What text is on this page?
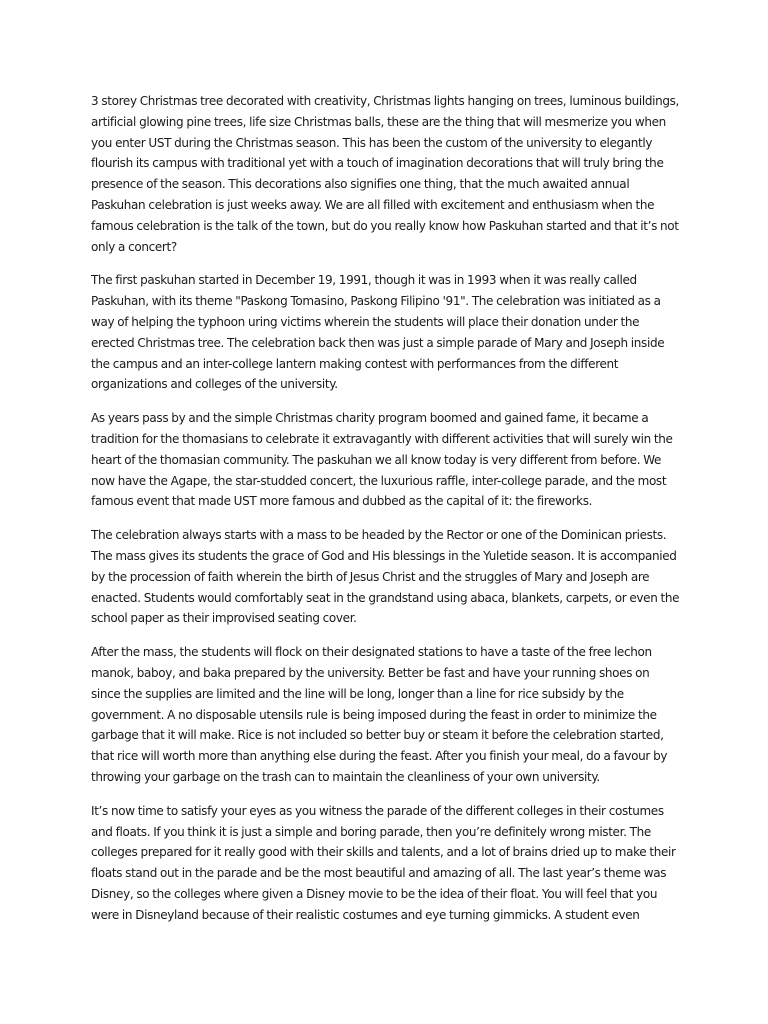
3 storey Christmas tree decorated with creativity, Christmas lights hanging on trees, luminous buildings, artificial glowing pine trees, life size Christmas balls, these are the thing that will mesmerize you when you enter UST during the Christmas season. This has been the custom of the university to elegantly flourish its campus with traditional yet with a touch of imagination decorations that will truly bring the presence of the season. This decorations also signifies one thing, that the much awaited annual Paskuhan celebration is just weeks away. We are all filled with excitement and enthusiasm when the famous celebration is the talk of the town, but do you really know how Paskuhan started and that it’s not only a concert?

The first paskuhan started in December 19, 1991, though it was in 1993 when it was really called Paskuhan, with its theme "Paskong Tomasino, Paskong Filipino '91". The celebration was initiated as a way of helping the typhoon uring victims wherein the students will place their donation under the erected Christmas tree. The celebration back then was just a simple parade of Mary and Joseph inside the campus and an inter-college lantern making contest with performances from the different organizations and colleges of the university.

As years pass by and the simple Christmas charity program boomed and gained fame, it became a tradition for the thomasians to celebrate it extravagantly with different activities that will surely win the heart of the thomasian community. The paskuhan we all know today is very different from before. We now have the Agape, the star-studded concert, the luxurious raffle, inter-college parade, and the most famous event that made UST more famous and dubbed as the capital of it: the fireworks.

The celebration always starts with a mass to be headed by the Rector or one of the Dominican priests. The mass gives its students the grace of God and His blessings in the Yuletide season. It is accompanied by the procession of faith wherein the birth of Jesus Christ and the struggles of Mary and Joseph are enacted. Students would comfortably seat in the grandstand using abaca, blankets, carpets, or even the school paper as their improvised seating cover.

After the mass, the students will flock on their designated stations to have a taste of the free lechon manok, baboy, and baka prepared by the university. Better be fast and have your running shoes on since the supplies are limited and the line will be long, longer than a line for rice subsidy by the government. A no disposable utensils rule is being imposed during the feast in order to minimize the garbage that it will make. Rice is not included so better buy or steam it before the celebration started, that rice will worth more than anything else during the feast. After you finish your meal, do a favour by throwing your garbage on the trash can to maintain the cleanliness of your own university.

It’s now time to satisfy your eyes as you witness the parade of the different colleges in their costumes and floats. If you think it is just a simple and boring parade, then you’re definitely wrong mister. The colleges prepared for it really good with their skills and talents, and a lot of brains dried up to make their floats stand out in the parade and be the most beautiful and amazing of all. The last year’s theme was Disney, so the colleges where given a Disney movie to be the idea of their float. You will feel that you were in Disneyland because of their realistic costumes and eye turning gimmicks. A student even
